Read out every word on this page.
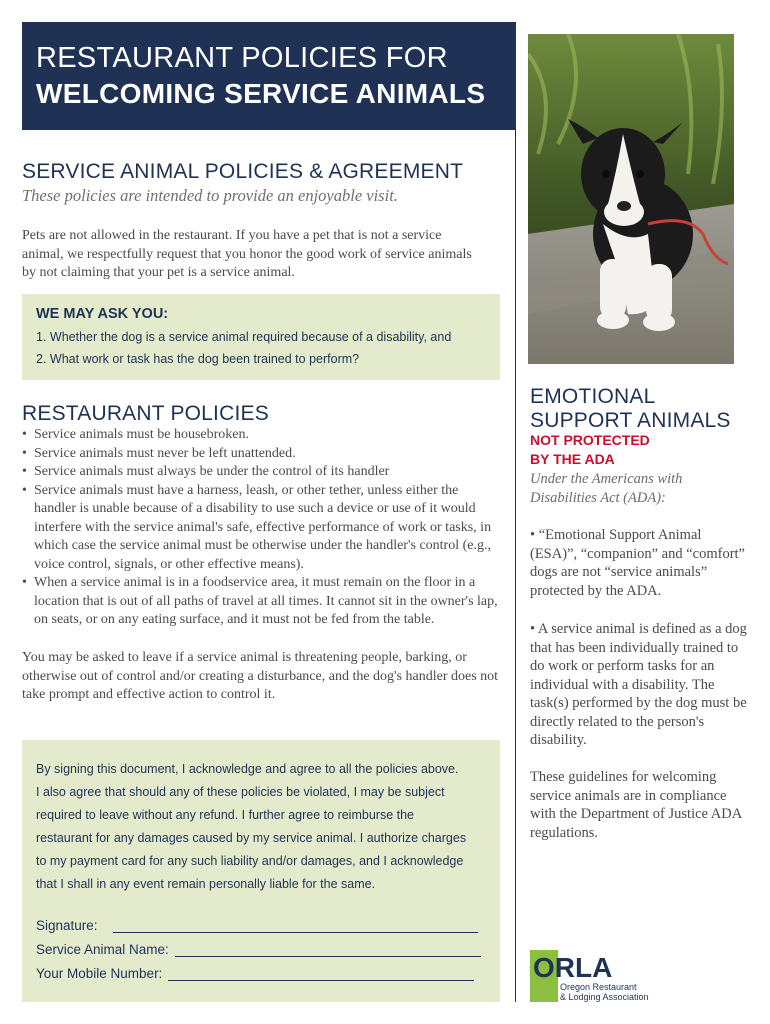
RESTAURANT POLICIES FOR
WELCOMING SERVICE ANIMALS
SERVICE ANIMAL POLICIES & AGREEMENT
These policies are intended to provide an enjoyable visit.
Pets are not allowed in the restaurant. If you have a pet that is not a service
animal, we respectfully request that you honor the good work of service animals
by not claiming that your pet is a service animal.
WE MAY ASK YOU:
1. Whether the dog is a service animal required because of a disability, and
2. What work or task has the dog been trained to perform?
RESTAURANT POLICIES
• Service animals must be housebroken.
• Service animals must never be left unattended.
• Service animals must always be under the control of its handler
• Service animals must have a harness, leash, or other tether, unless either the handler is unable because of a disability to use such a device or use of it would interfere with the service animal's safe, effective performance of work or tasks, in which case the service animal must be otherwise under the handler's control (e.g., voice control, signals, or other effective means).
• When a service animal is in a foodservice area, it must remain on the floor in a location that is out of all paths of travel at all times. It cannot sit in the owner's lap, on seats, or on any eating surface, and it must not be fed from the table.
You may be asked to leave if a service animal is threatening people, barking, or otherwise out of control and/or creating a disturbance, and the dog's handler does not take prompt and effective action to control it.
By signing this document, I acknowledge and agree to all the policies above.
I also agree that should any of these policies be violated, I may be subject
required to leave without any refund. I further agree to reimburse the
restaurant for any damages caused by my service animal. I authorize charges
to my payment card for any such liability and/or damages, and I acknowledge
that I shall in any event remain personally liable for the same.
Signature:
Service Animal Name:
Your Mobile Number:
EMOTIONAL
SUPPORT ANIMALS
NOT PROTECTED
BY THE ADA
Under the Americans with Disabilities Act (ADA):
• “Emotional Support Animal (ESA)”, “companion” and “comfort” dogs are not “service animals” protected by the ADA.
• A service animal is defined as a dog that has been individually trained to do work or perform tasks for an individual with a disability. The task(s) performed by the dog must be directly related to the person's disability.
These guidelines for welcoming service animals are in compliance with the Department of Justice ADA regulations.
ORLA
Oregon Restaurant
& Lodging Association
